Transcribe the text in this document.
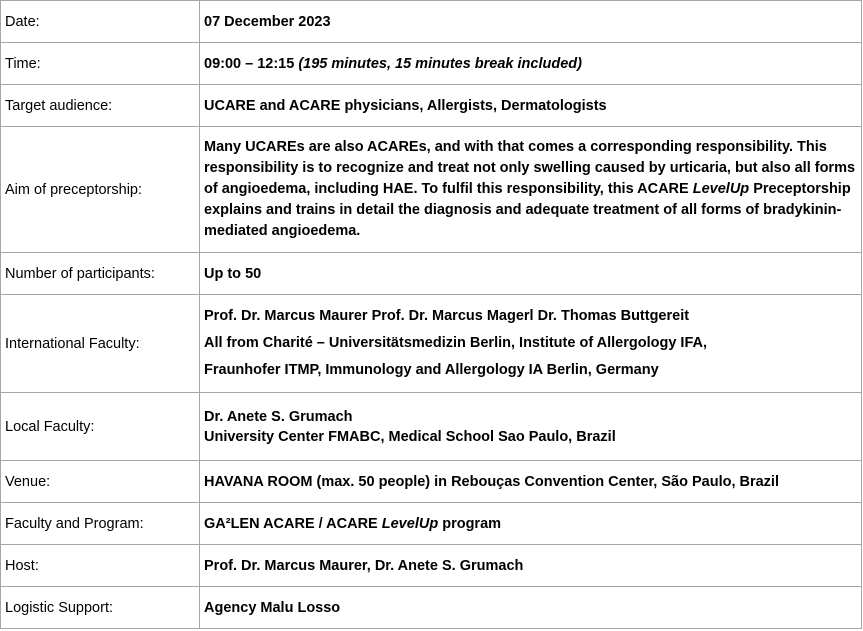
Date:	07 December 2023
Time:	09:00 – 12:15 (195 minutes, 15 minutes break included)
Target audience:	UCARE and ACARE physicians, Allergists, Dermatologists
Aim of preceptorship:	Many UCAREs are also ACAREs, and with that comes a corresponding responsibility. This responsibility is to recognize and treat not only swelling caused by urticaria, but also all forms of angioedema, including HAE. To fulfil this responsibility, this ACARE LevelUp Preceptorship explains and trains in detail the diagnosis and adequate treatment of all forms of bradykinin-mediated angioedema.

Number of participants:	Up to 50
International Faculty:	Prof. Dr. Marcus Maurer Prof. Dr. Marcus Magerl Dr. Thomas Buttgereit
All from Charité – Universitätsmedizin Berlin, Institute of Allergology IFA,
Fraunhofer ITMP, Immunology and Allergology IA Berlin, Germany

Local Faculty:	Dr. Anete S. Grumach
University Center FMABC, Medical School Sao Paulo, Brazil

Venue:	HAVANA ROOM (max. 50 people) in Rebouças Convention Center, São Paulo, Brazil
Faculty and Program:	GA²LEN ACARE / ACARE LevelUp program
Host:	Prof. Dr. Marcus Maurer, Dr. Anete S. Grumach
Logistic Support:	Agency Malu Losso
